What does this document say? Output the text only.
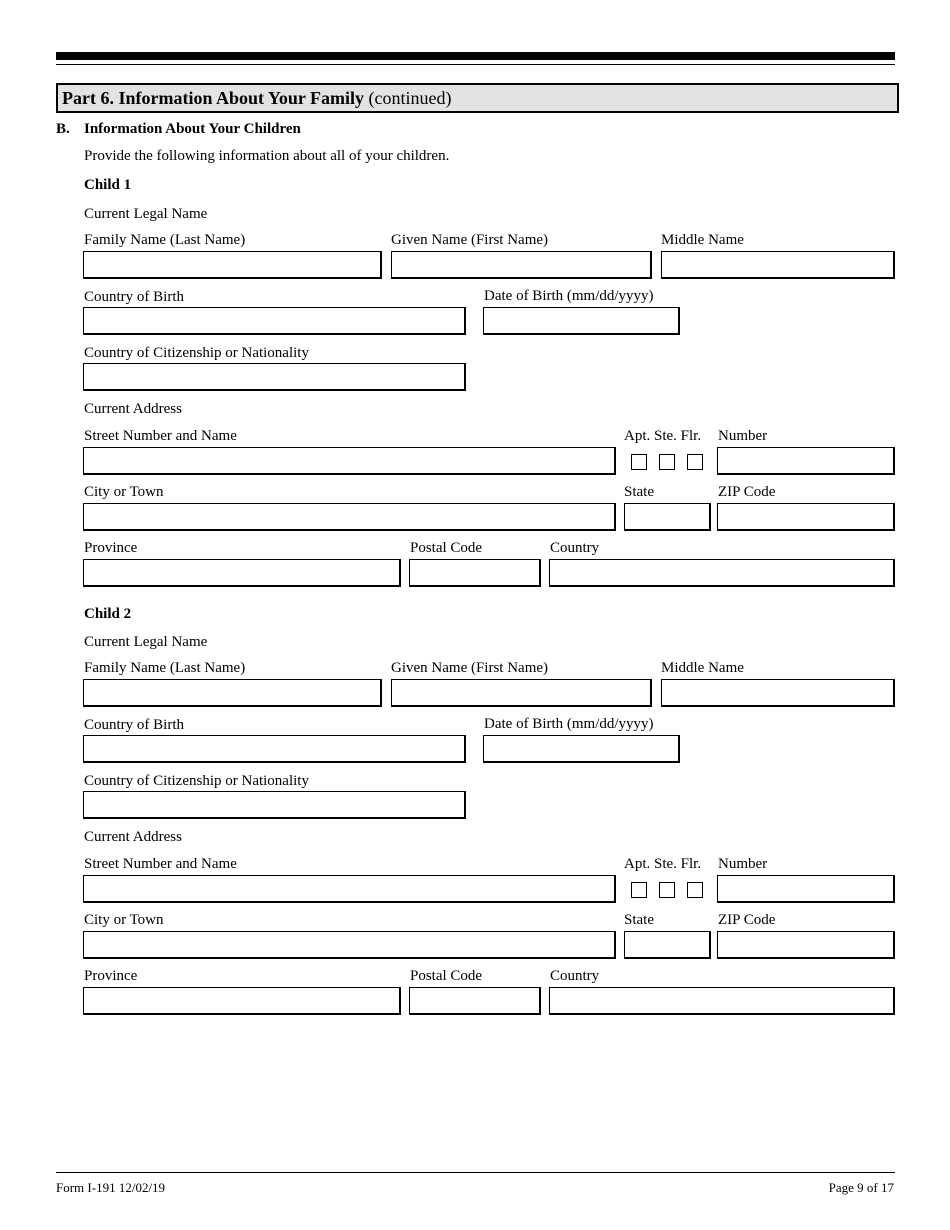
Part 6. Information About Your Family (continued)
B. Information About Your Children
Provide the following information about all of your children.
Child 1
Current Legal Name
Family Name (Last Name)	Given Name (First Name)	Middle Name
Country of Birth	Date of Birth (mm/dd/yyyy)
Country of Citizenship or Nationality
Current Address
Street Number and Name	Apt. Ste. Flr. Number
City or Town	State	ZIP Code
Province	Postal Code	Country
Child 2
Current Legal Name
Family Name (Last Name)	Given Name (First Name)	Middle Name
Country of Birth	Date of Birth (mm/dd/yyyy)
Country of Citizenship or Nationality
Current Address
Street Number and Name	Apt. Ste. Flr. Number
City or Town	State	ZIP Code
Province	Postal Code	Country
Form I-191 12/02/19	Page 9 of 17
